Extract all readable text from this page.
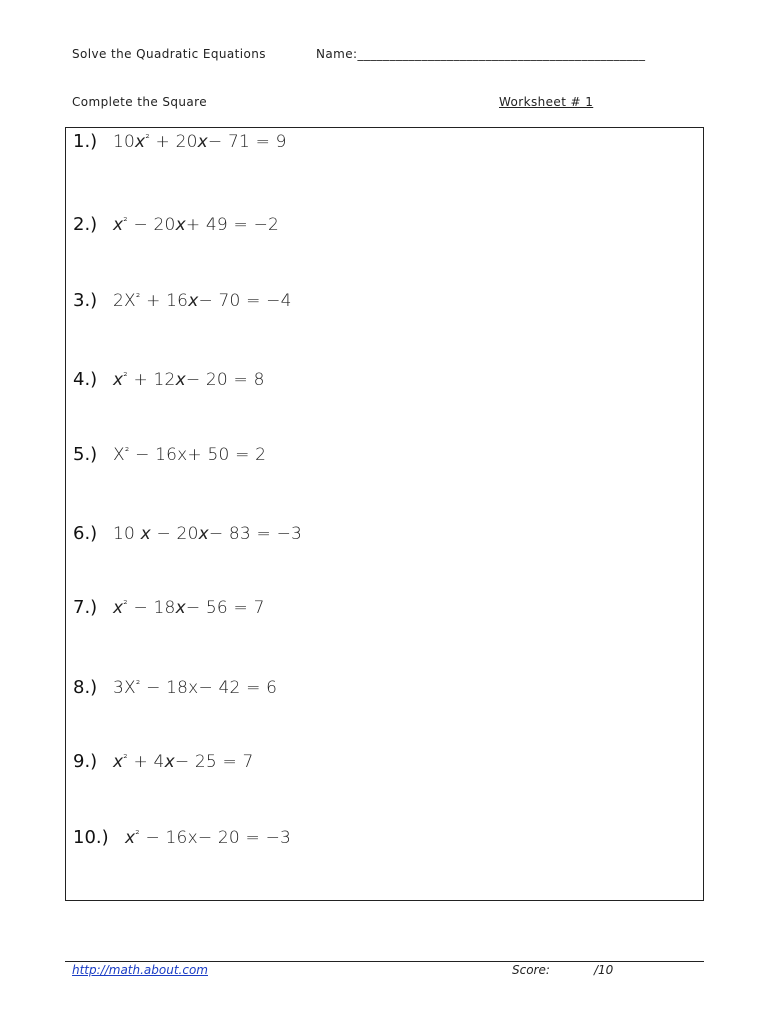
Solve the Quadratic Equations	Name:_____________________________________________
Complete the Square	Worksheet # 1
1.) $10x^{^2} + 20x- 71 = 9$
2.) $x^{^2} - 20x+ 49 = -2$
3.) $2X^{^2} + 16x- 70 = -4$
4.) $x^{^2} + 12x- 20 = 8$
5.) $X^{^2} - 16x+ 50 = 2$
6.) 10 x − 20x− 83 = −3
7.) $x^{^2} - 18x- 56 = 7$
8.) $3X^{^2} - 18x- 42 = 6$
9.) $x^{^2} + 4x- 25 = 7$
10.) $x^{^2} - 16x- 20 = -3$
http://math.about.com	Score:	/10
